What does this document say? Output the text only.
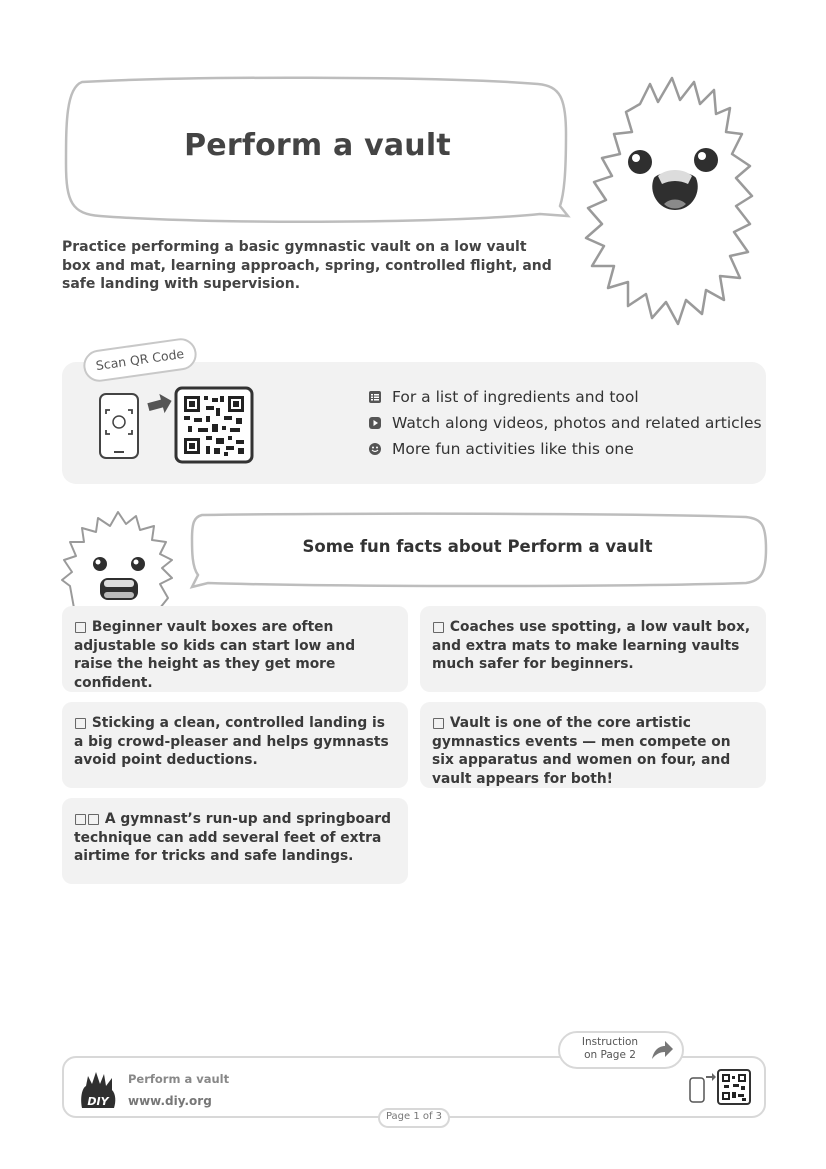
Perform a vault
Practice performing a basic gymnastic vault on a low vault box and mat, learning approach, spring, controlled flight, and safe landing with supervision.
Scan QR Code
For a list of ingredients and tool
Watch along videos, photos and related articles
More fun activities like this one
Some fun facts about Perform a vault
□ Beginner vault boxes are often adjustable so kids can start low and raise the height as they get more confident.
□ Coaches use spotting, a low vault box, and extra mats to make learning vaults much safer for beginners.
□ Sticking a clean, controlled landing is a big crowd-pleaser and helps gymnasts avoid point deductions.
□ Vault is one of the core artistic gymnastics events — men compete on six apparatus and women on four, and vault appears for both!
□□ A gymnast’s run-up and springboard technique can add several feet of extra airtime for tricks and safe landings.
Instruction on Page 2
DIY
Perform a vault
www.diy.org
Page 1 of 3
